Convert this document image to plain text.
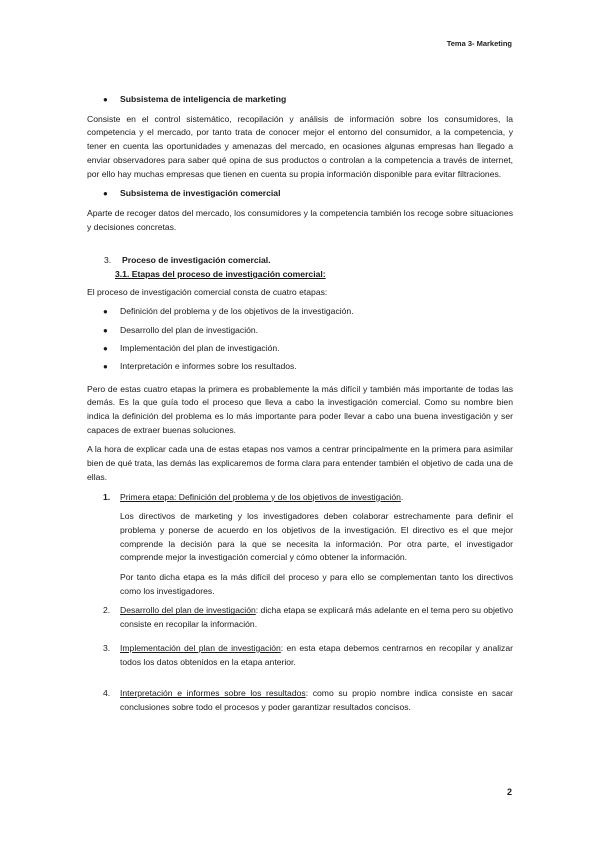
Tema 3- Marketing
●	Subsistema de inteligencia de marketing

Consiste en el control sistemático, recopilación y análisis de información sobre los consumidores, la competencia y el mercado, por tanto trata de conocer mejor el entorno del consumidor, a la competencia, y tener en cuenta las oportunidades y amenazas del mercado, en ocasiones algunas empresas han llegado a enviar observadores para saber qué opina de sus productos o controlan a la competencia a través de internet, por ello hay muchas empresas que tienen en cuenta su propia información disponible para evitar filtraciones.

●	Subsistema de investigación comercial

Aparte de recoger datos del mercado, los consumidores y la competencia también los recoge sobre situaciones y decisiones concretas.

3.	Proceso de investigación comercial.
3.1. Etapas del proceso de investigación comercial:

El proceso de investigación comercial consta de cuatro etapas:

●	Definición del problema y de los objetivos de la investigación.
●	Desarrollo del plan de investigación.
●	Implementación del plan de investigación.
●	Interpretación e informes sobre los resultados.

Pero de estas cuatro etapas la primera es probablemente la más difícil y también más importante de todas las demás. Es la que guía todo el proceso que lleva a cabo la investigación comercial. Como su nombre bien indica la definición del problema es lo más importante para poder llevar a cabo una buena investigación y ser capaces de extraer buenas soluciones.

A la hora de explicar cada una de estas etapas nos vamos a centrar principalmente en la primera para asimilar bien de qué trata, las demás las explicaremos de forma clara para entender también el objetivo de cada una de ellas.

1.	Primera etapa: Definición del problema y de los objetivos de investigación.

Los directivos de marketing y los investigadores deben colaborar estrechamente para definir el problema y ponerse de acuerdo en los objetivos de la investigación. El directivo es el que mejor comprende la decisión para la que se necesita la información. Por otra parte, el investigador comprende mejor la investigación comercial y cómo obtener la información.

Por tanto dicha etapa es la más difícil del proceso y para ello se complementan tanto los directivos como los investigadores.

2.	Desarrollo del plan de investigación: dicha etapa se explicará más adelante en el tema pero su objetivo consiste en recopilar la información.

3.	Implementación del plan de investigación: en esta etapa debemos centrarnos en recopilar y analizar todos los datos obtenidos en la etapa anterior.

4.	Interpretación e informes sobre los resultados: como su propio nombre indica consiste en sacar conclusiones sobre todo el procesos y poder garantizar resultados concisos.

2
